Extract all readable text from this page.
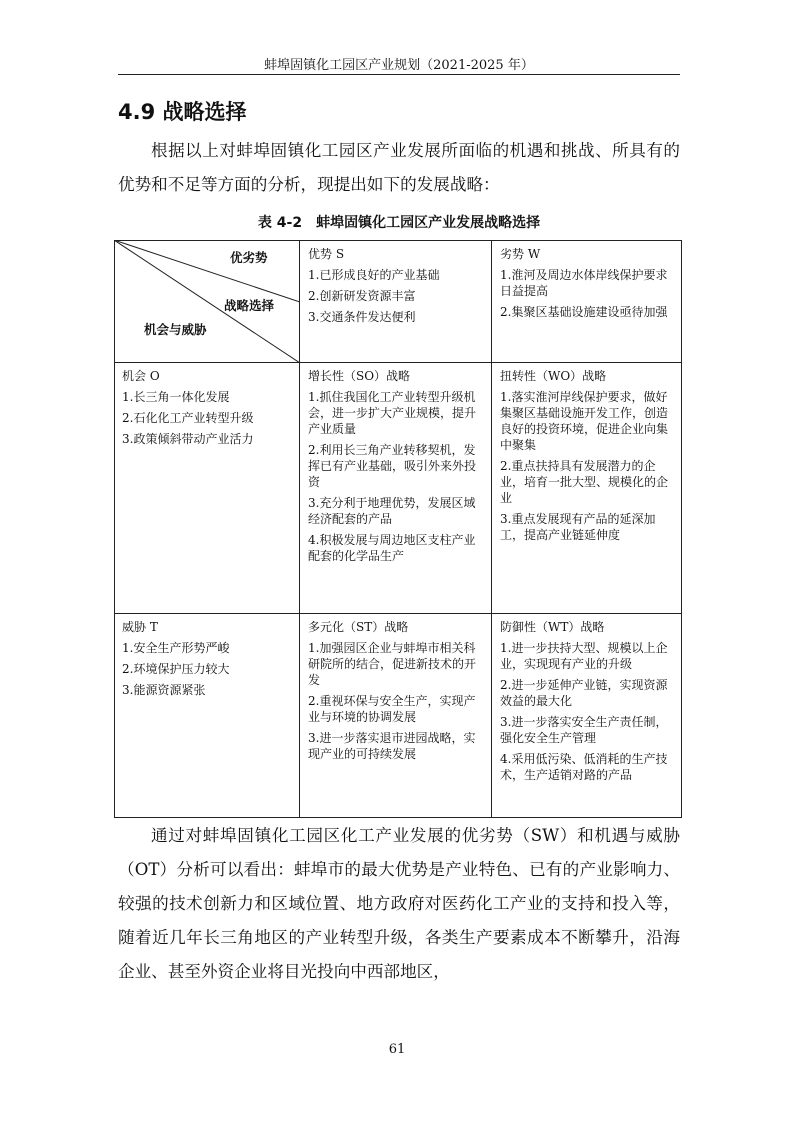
蚌埠固镇化工园区产业规划（2021-2025 年）
4.9 战略选择
根据以上对蚌埠固镇化工园区产业发展所面临的机遇和挑战、所具有的优势和不足等方面的分析，现提出如下的发展战略：
表 4-2　蚌埠固镇化工园区产业发展战略选择
优劣势
战略选择
机会与威胁
优势 S
1.已形成良好的产业基础
2.创新研发资源丰富
3.交通条件发达便利
劣势 W
1.淮河及周边水体岸线保护要求日益提高
2.集聚区基础设施建设亟待加强
机会 O
1.长三角一体化发展
2.石化化工产业转型升级
3.政策倾斜带动产业活力
增长性（SO）战略
1.抓住我国化工产业转型升级机会，进一步扩大产业规模，提升产业质量
2.利用长三角产业转移契机，发挥已有产业基础，吸引外来外投资
3.充分利于地理优势，发展区域经济配套的产品
4.积极发展与周边地区支柱产业配套的化学品生产
扭转性（WO）战略
1.落实淮河岸线保护要求，做好集聚区基础设施开发工作，创造良好的投资环境，促进企业向集中聚集
2.重点扶持具有发展潜力的企业，培育一批大型、规模化的企业
3.重点发展现有产品的延深加工，提高产业链延伸度
威胁 T
1.安全生产形势严峻
2.环境保护压力较大
3.能源资源紧张
多元化（ST）战略
1.加强园区企业与蚌埠市相关科研院所的结合，促进新技术的开发
2.重视环保与安全生产，实现产业与环境的协调发展
3.进一步落实退市进园战略，实现产业的可持续发展
防御性（WT）战略
1.进一步扶持大型、规模以上企业，实现现有产业的升级
2.进一步延伸产业链，实现资源效益的最大化
3.进一步落实安全生产责任制，强化安全生产管理
4.采用低污染、低消耗的生产技术，生产适销对路的产品
通过对蚌埠固镇化工园区化工产业发展的优劣势（SW）和机遇与威胁（OT）分析可以看出：蚌埠市的最大优势是产业特色、已有的产业影响力、较强的技术创新力和区域位置、地方政府对医药化工产业的支持和投入等，随着近几年长三角地区的产业转型升级，各类生产要素成本不断攀升，沿海企业、甚至外资企业将目光投向中西部地区，
61
